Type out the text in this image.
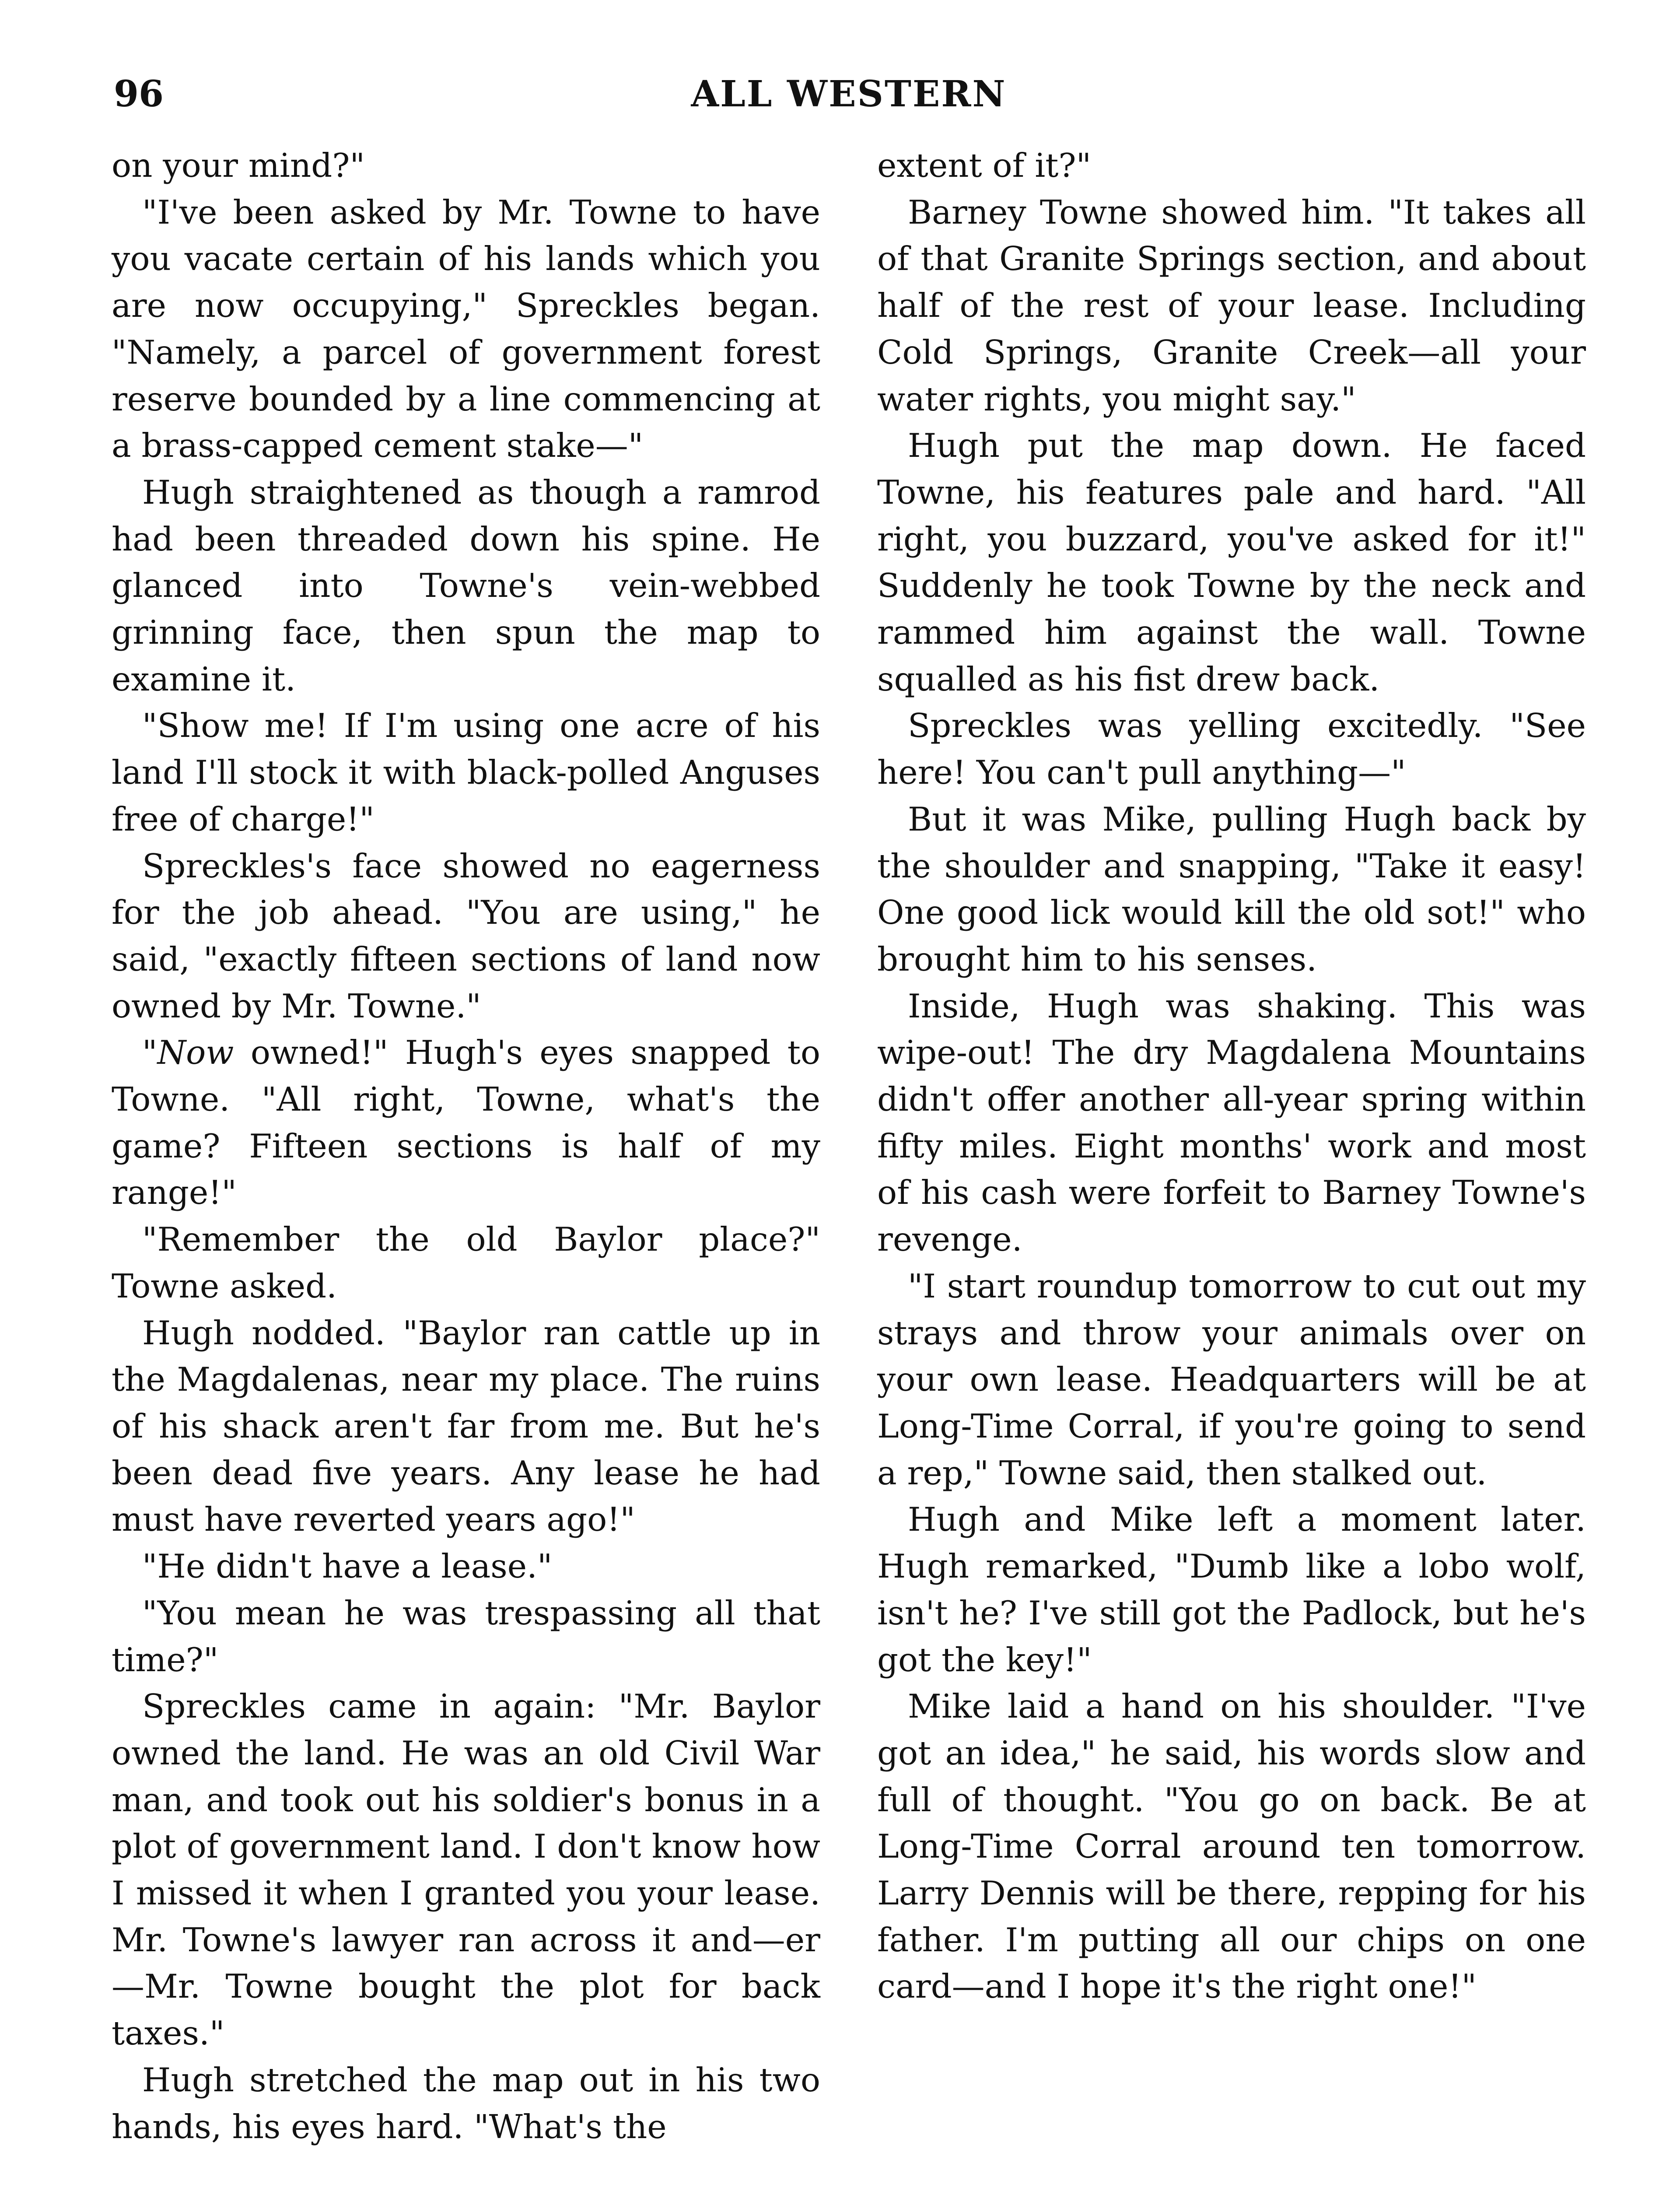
96	ALL WESTERN

on your mind?"

"I've been asked by Mr. Towne to have you vacate certain of his lands which you are now occupying," Spreckles began. "Namely, a parcel of government forest reserve bounded by a line commencing at a brass-capped cement stake—"

Hugh straightened as though a ramrod had been threaded down his spine. He glanced into Towne's vein-webbed grinning face, then spun the map to examine it.

"Show me! If I'm using one acre of his land I'll stock it with black-polled Anguses free of charge!"

Spreckles's face showed no eagerness for the job ahead. "You are using," he said, "exactly fifteen sections of land now owned by Mr. Towne."

"Now owned!" Hugh's eyes snapped to Towne. "All right, Towne, what's the game? Fifteen sections is half of my range!"

"Remember the old Baylor place?" Towne asked.

Hugh nodded. "Baylor ran cattle up in the Magdalenas, near my place. The ruins of his shack aren't far from me. But he's been dead five years. Any lease he had must have reverted years ago!"

"He didn't have a lease."

"You mean he was trespassing all that time?"

Spreckles came in again: "Mr. Baylor owned the land. He was an old Civil War man, and took out his soldier's bonus in a plot of government land. I don't know how I missed it when I granted you your lease. Mr. Towne's lawyer ran across it and—er—Mr. Towne bought the plot for back taxes."

Hugh stretched the map out in his two hands, his eyes hard. "What's the

extent of it?"

Barney Towne showed him. "It takes all of that Granite Springs section, and about half of the rest of your lease. Including Cold Springs, Granite Creek—all your water rights, you might say."

Hugh put the map down. He faced Towne, his features pale and hard. "All right, you buzzard, you've asked for it!" Suddenly he took Towne by the neck and rammed him against the wall. Towne squalled as his fist drew back.

Spreckles was yelling excitedly. "See here! You can't pull anything—"

But it was Mike, pulling Hugh back by the shoulder and snapping, "Take it easy! One good lick would kill the old sot!" who brought him to his senses.

Inside, Hugh was shaking. This was wipe-out! The dry Magdalena Mountains didn't offer another all-year spring within fifty miles. Eight months' work and most of his cash were forfeit to Barney Towne's revenge.

"I start roundup tomorrow to cut out my strays and throw your animals over on your own lease. Headquarters will be at Long-Time Corral, if you're going to send a rep," Towne said, then stalked out.

Hugh and Mike left a moment later. Hugh remarked, "Dumb like a lobo wolf, isn't he? I've still got the Padlock, but he's got the key!"

Mike laid a hand on his shoulder. "I've got an idea," he said, his words slow and full of thought. "You go on back. Be at Long-Time Corral around ten tomorrow. Larry Dennis will be there, repping for his father. I'm putting all our chips on one card—and I hope it's the right one!"
